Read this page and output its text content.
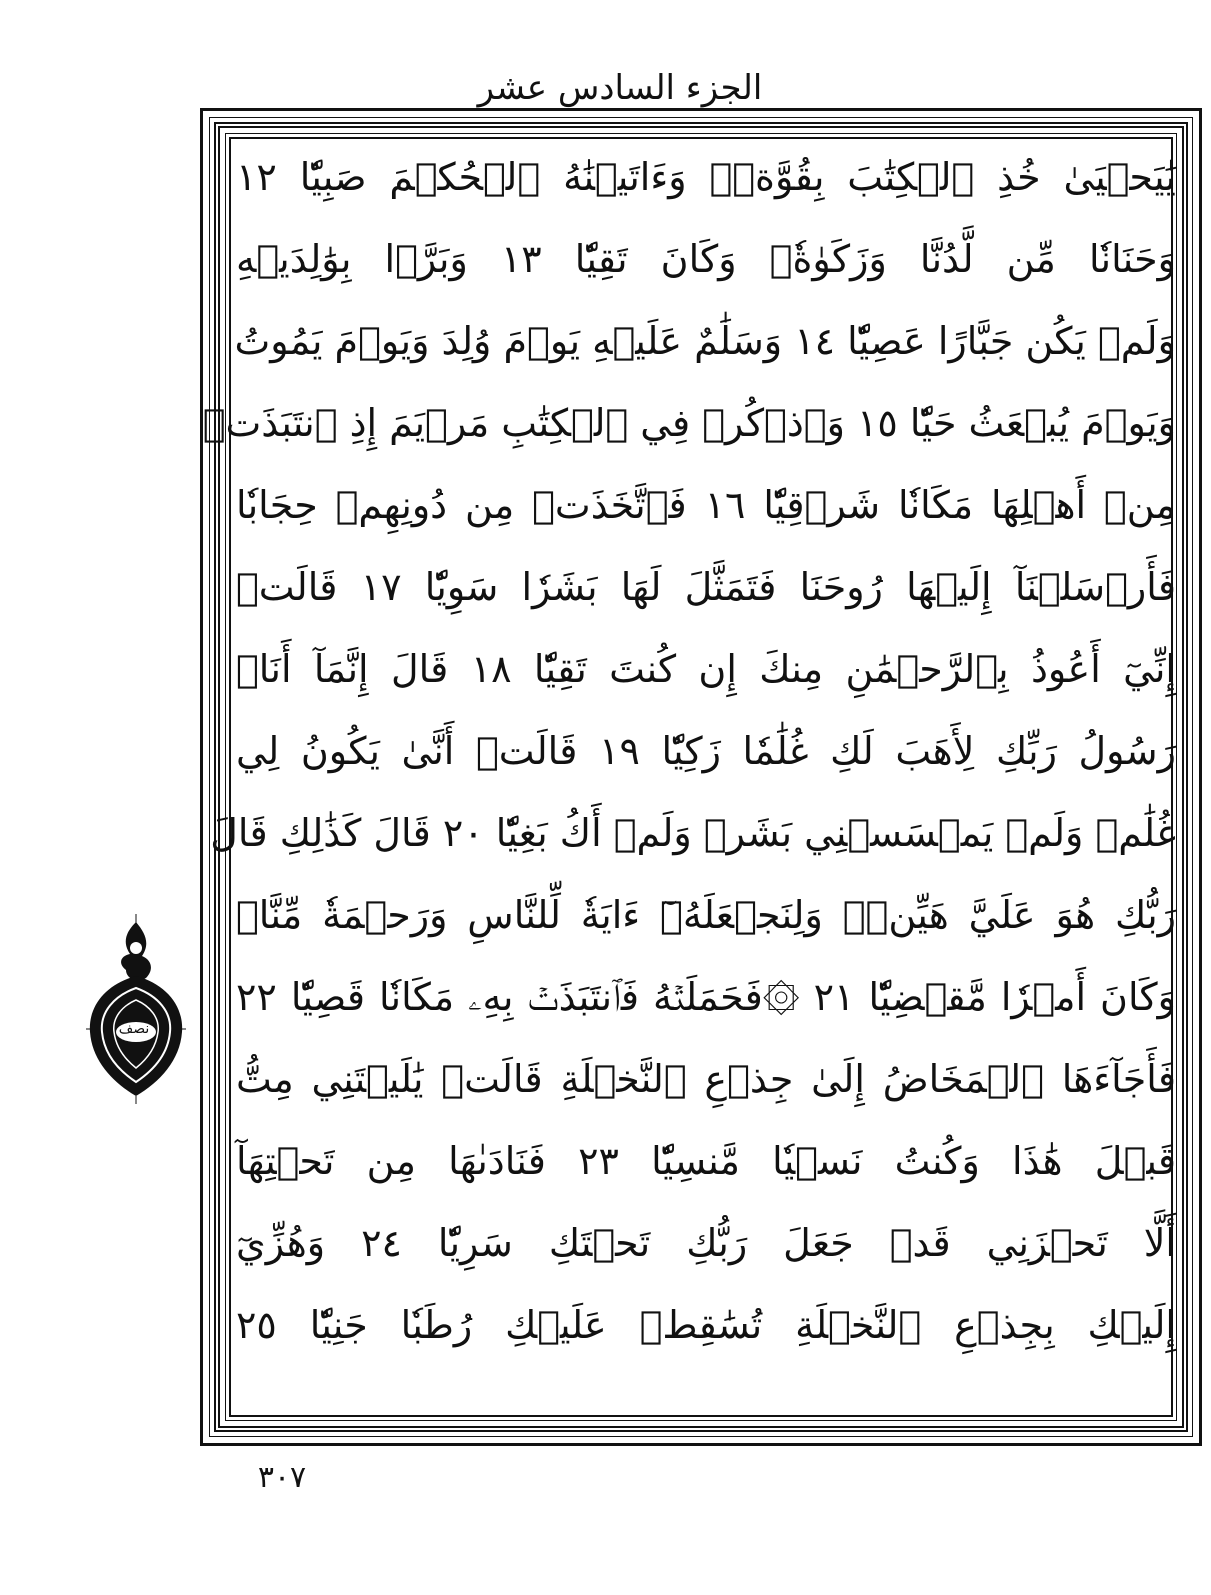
الجزء السادس عشر
يَٰيَحۡيَىٰ خُذِ ٱلۡكِتَٰبَ بِقُوَّةٖۖ وَءَاتَيۡنَٰهُ ٱلۡحُكۡمَ صَبِيّٗا ١٢
وَحَنَانٗا مِّن لَّدُنَّا وَزَكَوٰةٗۖ وَكَانَ تَقِيّٗا ١٣ وَبَرَّۢا بِوَٰلِدَيۡهِ
وَلَمۡ يَكُن جَبَّارًا عَصِيّٗا ١٤ وَسَلَٰمٌ عَلَيۡهِ يَوۡمَ وُلِدَ وَيَوۡمَ يَمُوتُ
وَيَوۡمَ يُبۡعَثُ حَيّٗا ١٥ وَٱذۡكُرۡ فِي ٱلۡكِتَٰبِ مَرۡيَمَ إِذِ ٱنتَبَذَتۡ
مِنۡ أَهۡلِهَا مَكَانٗا شَرۡقِيّٗا ١٦ فَٱتَّخَذَتۡ مِن دُونِهِمۡ حِجَابٗا
فَأَرۡسَلۡنَآ إِلَيۡهَا رُوحَنَا فَتَمَثَّلَ لَهَا بَشَرٗا سَوِيّٗا ١٧ قَالَتۡ
إِنِّيٓ أَعُوذُ بِٱلرَّحۡمَٰنِ مِنكَ إِن كُنتَ تَقِيّٗا ١٨ قَالَ إِنَّمَآ أَنَا۠
رَسُولُ رَبِّكِ لِأَهَبَ لَكِ غُلَٰمٗا زَكِيّٗا ١٩ قَالَتۡ أَنَّىٰ يَكُونُ لِي
غُلَٰمٞ وَلَمۡ يَمۡسَسۡنِي بَشَرٞ وَلَمۡ أَكُ بَغِيّٗا ٢٠ قَالَ كَذَٰلِكِ قَالَ
رَبُّكِ هُوَ عَلَيَّ هَيِّنٞۖ وَلِنَجۡعَلَهُۥٓ ءَايَةٗ لِّلنَّاسِ وَرَحۡمَةٗ مِّنَّاۚ
وَكَانَ أَمۡرٗا مَّقۡضِيّٗا ٢١ ۞فَحَمَلَتۡهُ فَٱنتَبَذَتۡ بِهِۦ مَكَانٗا قَصِيّٗا ٢٢
فَأَجَآءَهَا ٱلۡمَخَاضُ إِلَىٰ جِذۡعِ ٱلنَّخۡلَةِ قَالَتۡ يَٰلَيۡتَنِي مِتُّ
قَبۡلَ هَٰذَا وَكُنتُ نَسۡيٗا مَّنسِيّٗا ٢٣ فَنَادَىٰهَا مِن تَحۡتِهَآ
أَلَّا تَحۡزَنِي قَدۡ جَعَلَ رَبُّكِ تَحۡتَكِ سَرِيّٗا ٢٤ وَهُزِّيٓ
إِلَيۡكِ بِجِذۡعِ ٱلنَّخۡلَةِ تُسَٰقِطۡ عَلَيۡكِ رُطَبٗا جَنِيّٗا ٢٥
نصف
٣٠٧
